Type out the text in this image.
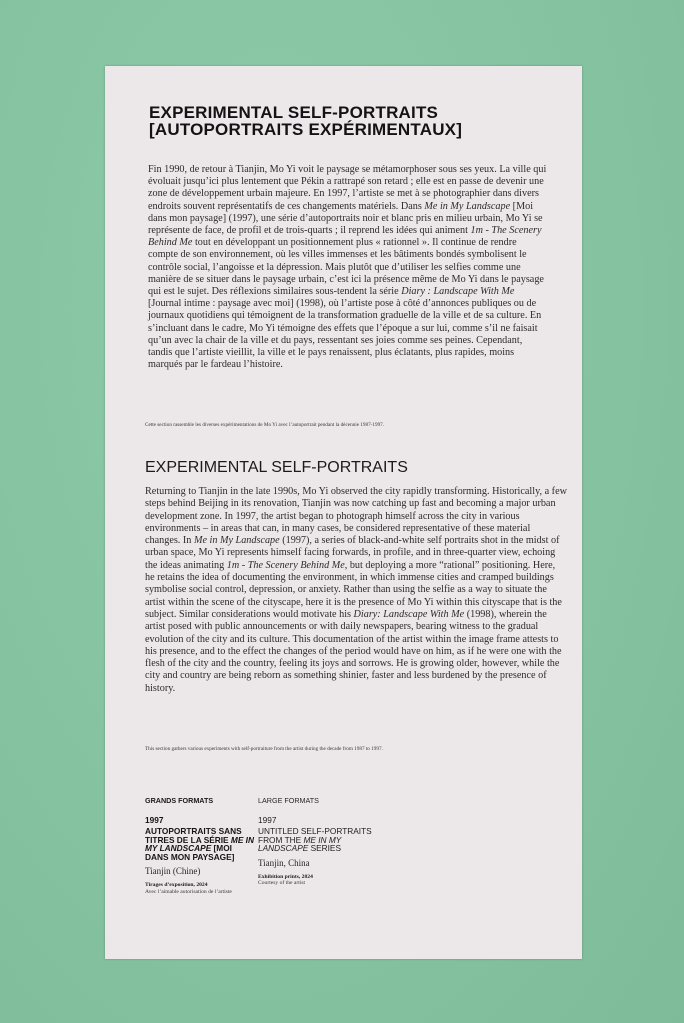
EXPERIMENTAL SELF-PORTRAITS [AUTOPORTRAITS EXPÉRIMENTAUX]
Fin 1990, de retour à Tianjin, Mo Yi voit le paysage se métamorphoser sous ses yeux. La ville qui évoluait jusqu’ici plus lentement que Pékin a rattrapé son retard ; elle est en passe de devenir une zone de développement urbain majeure. En 1997, l’artiste se met à se photographier dans divers endroits souvent représentatifs de ces changements matériels. Dans Me in My Landscape [Moi dans mon paysage] (1997), une série d’autoportraits noir et blanc pris en milieu urbain, Mo Yi se représente de face, de profil et de trois-quarts ; il reprend les idées qui animent 1m - The Scenery Behind Me tout en développant un positionnement plus « rationnel ». Il continue de rendre compte de son environnement, où les villes immenses et les bâtiments bondés symbolisent le contrôle social, l’angoisse et la dépression. Mais plutôt que d’utiliser les selfies comme une manière de se situer dans le paysage urbain, c’est ici la présence même de Mo Yi dans le paysage qui est le sujet. Des réflexions similaires sous-tendent la série Diary : Landscape With Me [Journal intime : paysage avec moi] (1998), où l’artiste pose à côté d’annonces publiques ou de journaux quotidiens qui témoignent de la transformation graduelle de la ville et de sa culture. En s’incluant dans le cadre, Mo Yi témoigne des effets que l’époque a sur lui, comme s’il ne faisait qu’un avec la chair de la ville et du pays, ressentant ses joies comme ses peines. Cependant, tandis que l’artiste vieillit, la ville et le pays renaissent, plus éclatants, plus rapides, moins marqués par le fardeau l’histoire.
Cette section rassemble les diverses expérimentations de Mo Yi avec l’autoportrait pendant la décennie 1987-1997.
EXPERIMENTAL SELF-PORTRAITS
Returning to Tianjin in the late 1990s, Mo Yi observed the city rapidly transforming. Historically, a few steps behind Beijing in its renovation, Tianjin was now catching up fast and becoming a major urban development zone. In 1997, the artist began to photograph himself across the city in various environments – in areas that can, in many cases, be considered representative of these material changes. In Me in My Landscape (1997), a series of black-and-white self portraits shot in the midst of urban space, Mo Yi represents himself facing forwards, in profile, and in three-quarter view, echoing the ideas animating 1m - The Scenery Behind Me, but deploying a more “rational” positioning. Here, he retains the idea of documenting the environment, in which immense cities and cramped buildings symbolise social control, depression, or anxiety. Rather than using the selfie as a way to situate the artist within the scene of the cityscape, here it is the presence of Mo Yi within this cityscape that is the subject. Similar considerations would motivate his Diary: Landscape With Me (1998), wherein the artist posed with public announcements or with daily newspapers, bearing witness to the gradual evolution of the city and its culture. This documentation of the artist within the image frame attests to his presence, and to the effect the changes of the period would have on him, as if he were one with the flesh of the city and the country, feeling its joys and sorrows. He is growing older, however, while the city and country are being reborn as something shinier, faster and less burdened by the presence of history.
This section gathers various experiments with self-portraiture from the artist during the decade from 1987 to 1997.
GRANDS FORMATS
1997
AUTOPORTRAITS SANS TITRES DE LA SÉRIE ME IN MY LANDSCAPE [MOI DANS MON PAYSAGE]
Tianjin (Chine)
Tirages d’exposition, 2024
Avec l’aimable autorisation de l’artiste
LARGE FORMATS
1997
UNTITLED SELF-PORTRAITS FROM THE ME IN MY LANDSCAPE SERIES
Tianjin, China
Exhibition prints, 2024
Courtesy of the artist
